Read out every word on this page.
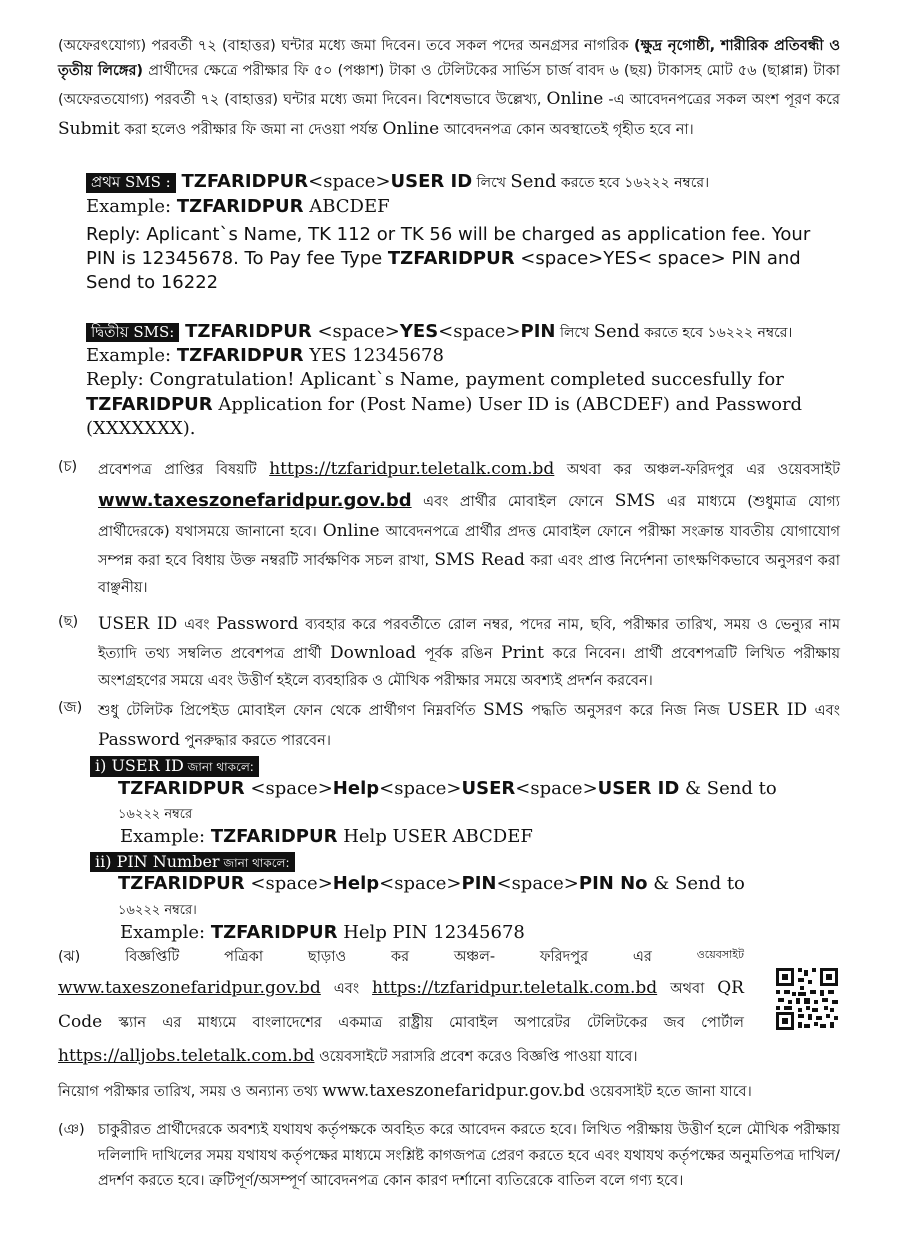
(অফেরৎযোগ্য) পরবর্তী ৭২ (বাহাত্তর) ঘন্টার মধ্যে জমা দিবেন। তবে সকল পদের অনগ্রসর নাগরিক (ক্ষুদ্র নৃগোষ্ঠী, শারীরিক প্রতিবন্ধী ও তৃতীয় লিঙ্গের) প্রার্থীদের ক্ষেত্রে পরীক্ষার ফি ৫০ (পঞ্চাশ) টাকা ও টেলিটকের সার্ভিস চার্জ বাবদ ৬ (ছয়) টাকাসহ মোট ৫৬ (ছাপ্পান্ন) টাকা (অফেরতযোগ্য) পরবর্তী ৭২ (বাহাত্তর) ঘন্টার মধ্যে জমা দিবেন। বিশেষভাবে উল্লেখ্য, Online -এ আবেদনপত্রের সকল অংশ পূরণ করে Submit করা হলেও পরীক্ষার ফি জমা না দেওয়া পর্যন্ত Online আবেদনপত্র কোন অবস্থাতেই গৃহীত হবে না।
প্রথম SMS : TZFARIDPUR<space>USER ID লিখে Send করতে হবে ১৬২২২ নম্বরে।
Example: TZFARIDPUR ABCDEF
Reply: Aplicant`s Name, TK 112 or TK 56 will be charged as application fee. Your PIN is 12345678. To Pay fee Type TZFARIDPUR <space>YES< space> PIN and Send to 16222
দ্বিতীয় SMS: TZFARIDPUR <space>YES<space>PIN লিখে Send করতে হবে ১৬২২২ নম্বরে।
Example: TZFARIDPUR YES 12345678
Reply: Congratulation! Aplicant`s Name, payment completed succesfully for TZFARIDPUR Application for (Post Name) User ID is (ABCDEF) and Password (XXXXXXX).
(চ)	প্রবেশপত্র প্রাপ্তির বিষয়টি https://tzfaridpur.teletalk.com.bd অথবা কর অঞ্চল-ফরিদপুর এর ওয়েবসাইট www.taxeszonefaridpur.gov.bd এবং প্রার্থীর মোবাইল ফোনে SMS এর মাধ্যমে (শুধুমাত্র যোগ্য প্রার্থীদেরকে) যথাসময়ে জানানো হবে। Online আবেদনপত্রে প্রার্থীর প্রদত্ত মোবাইল ফোনে পরীক্ষা সংক্রান্ত যাবতীয় যোগাযোগ সম্পন্ন করা হবে বিধায় উক্ত নম্বরটি সার্বক্ষণিক সচল রাখা, SMS Read করা এবং প্রাপ্ত নির্দেশনা তাৎক্ষণিকভাবে অনুসরণ করা বাঞ্ছনীয়।
(ছ)	USER ID এবং Password ব্যবহার করে পরবর্তীতে রোল নম্বর, পদের নাম, ছবি, পরীক্ষার তারিখ, সময় ও ভেন্যুর নাম ইত্যাদি তথ্য সম্বলিত প্রবেশপত্র প্রার্থী Download পূর্বক রঙিন Print করে নিবেন। প্রার্থী প্রবেশপত্রটি লিখিত পরীক্ষায় অংশগ্রহণের সময়ে এবং উত্তীর্ণ হইলে ব্যবহারিক ও মৌখিক পরীক্ষার সময়ে অবশ্যই প্রদর্শন করবেন।
(জ)	শুধু টেলিটক প্রিপেইড মোবাইল ফোন থেকে প্রার্থীগণ নিম্নবর্ণিত SMS পদ্ধতি অনুসরণ করে নিজ নিজ USER ID এবং Password পুনরুদ্ধার করতে পারবেন।
i) USER ID জানা থাকলে:
TZFARIDPUR <space>Help<space>USER<space>USER ID & Send to
১৬২২২ নম্বরে
Example: TZFARIDPUR Help USER ABCDEF
ii) PIN Number জানা থাকলে:
TZFARIDPUR <space>Help<space>PIN<space>PIN No & Send to
১৬২২২ নম্বরে।
Example: TZFARIDPUR Help PIN 12345678
(ঝ)	বিজ্ঞপ্তিটি	পত্রিকা	ছাড়াও	কর	অঞ্চল-	ফরিদপুর	এর	ওয়েবসাইট
www.taxeszonefaridpur.gov.bd এবং https://tzfaridpur.teletalk.com.bd অথবা QR Code স্ক্যান এর মাধ্যমে বাংলাদেশের একমাত্র রাষ্ট্রীয় মোবাইল অপারেটর টেলিটকের জব পোর্টাল https://alljobs.teletalk.com.bd ওয়েবসাইটে সরাসরি প্রবেশ করেও বিজ্ঞপ্তি পাওয়া যাবে।
নিয়োগ পরীক্ষার তারিখ, সময় ও অন্যান্য তথ্য www.taxeszonefaridpur.gov.bd ওয়েবসাইট হতে জানা যাবে।
(ঞ) চাকুরীরত প্রার্থীদেরকে অবশ্যই যথাযথ কর্তৃপক্ষকে অবহিত করে আবেদন করতে হবে। লিখিত পরীক্ষায় উত্তীর্ণ হলে মৌখিক পরীক্ষায় দলিলাদি দাখিলের সময় যথাযথ কর্তৃপক্ষের মাধ্যমে সংশ্লিষ্ট কাগজপত্র প্রেরণ করতে হবে এবং যথাযথ কর্তৃপক্ষের অনুমতিপত্র দাখিল/প্রদর্শণ করতে হবে। ত্রুটিপূর্ণ/অসম্পূর্ণ আবেদনপত্র কোন কারণ দর্শানো ব্যতিরেকে বাতিল বলে গণ্য হবে।
